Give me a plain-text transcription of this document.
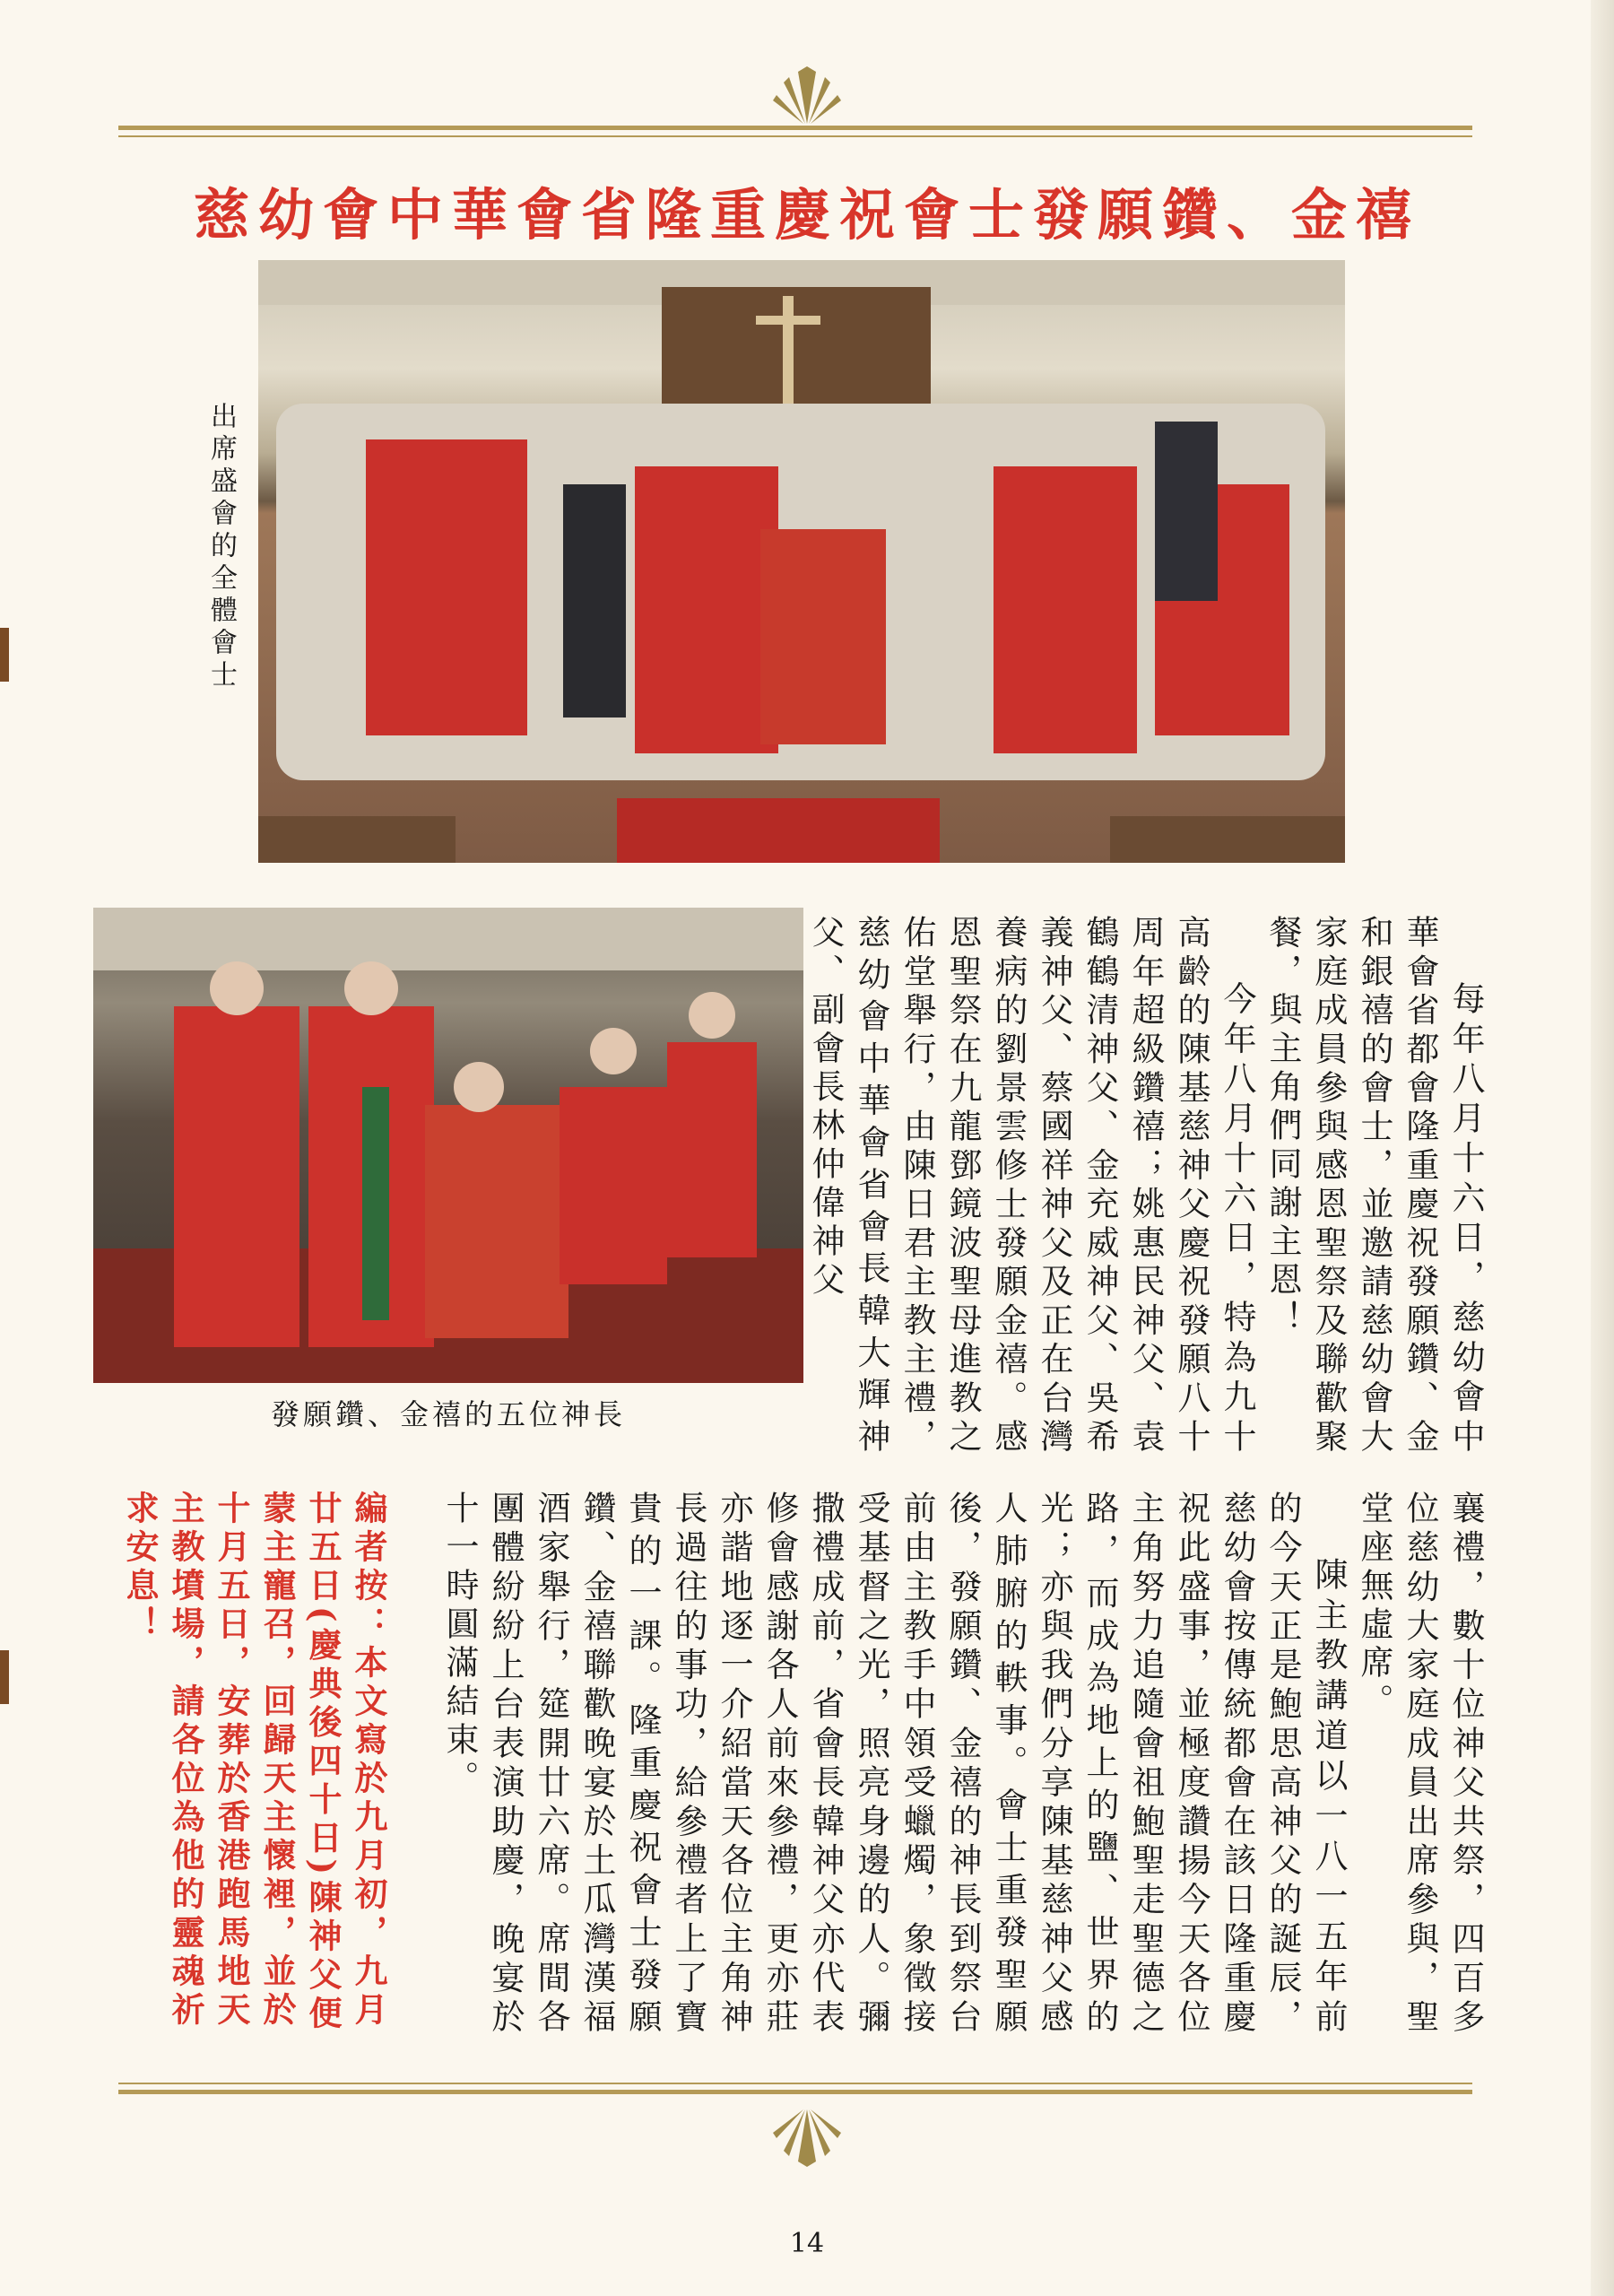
慈幼會中華會省隆重慶祝會士發願鑽、金禧
出席盛會的全體會士
發願鑽、金禧的五位神長	每年八月十六日，慈幼會中華會省都會隆重慶祝發願鑽、金和銀禧的會士，並邀請慈幼會大家庭成員參與感恩聖祭及聯歡聚餐，與主角們同謝主恩！
今年八月十六日，特為九十高齡的陳基慈神父慶祝發願八十周年超級鑽禧；姚惠民神父、袁鶴鶴清神父、金充威神父、吳希義神父、蔡國祥神父及正在台灣養病的劉景雲修士發願金禧。感恩聖祭在九龍鄧鏡波聖母進教之佑堂舉行，由陳日君主教主禮，慈幼會中華會省會長韓大輝神父、副會長林仲偉神父
襄禮，數十位神父共祭，四百多位慈幼大家庭成員出席參與，聖堂座無虛席。
陳主教講道以一八一五年前的今天正是鮑思高神父的誕辰，慈幼會按傳統都會在該日隆重慶祝此盛事，並極度讚揚今天各位主角努力追隨會祖鮑聖走聖德之路，而成為地上的鹽、世界的光；亦與我們分享陳基慈神父感人肺腑的軼事。會士重發聖願後，發願鑽、金禧的神長到祭台前由主教手中領受蠟燭，象徵接受基督之光，照亮身邊的人。彌撒禮成前，省會長韓神父亦代表修會感謝各人前來參禮，更亦莊亦諧地逐一介紹當天各位主角神長過往的事功，給參禮者上了寶貴的一課。隆重慶祝會士發願鑽、金禧聯歡晚宴於土瓜灣漢福酒家舉行，筵開廿六席。席間各團體紛紛上台表演助慶，晚宴於十一時圓滿結束。
編者按：本文寫於九月初，九月廿五日(慶典後四十日)陳神父便蒙主寵召，回歸天主懷裡，並於十月五日，安葬於香港跑馬地天主教墳場，請各位為他的靈魂祈求安息！
14
